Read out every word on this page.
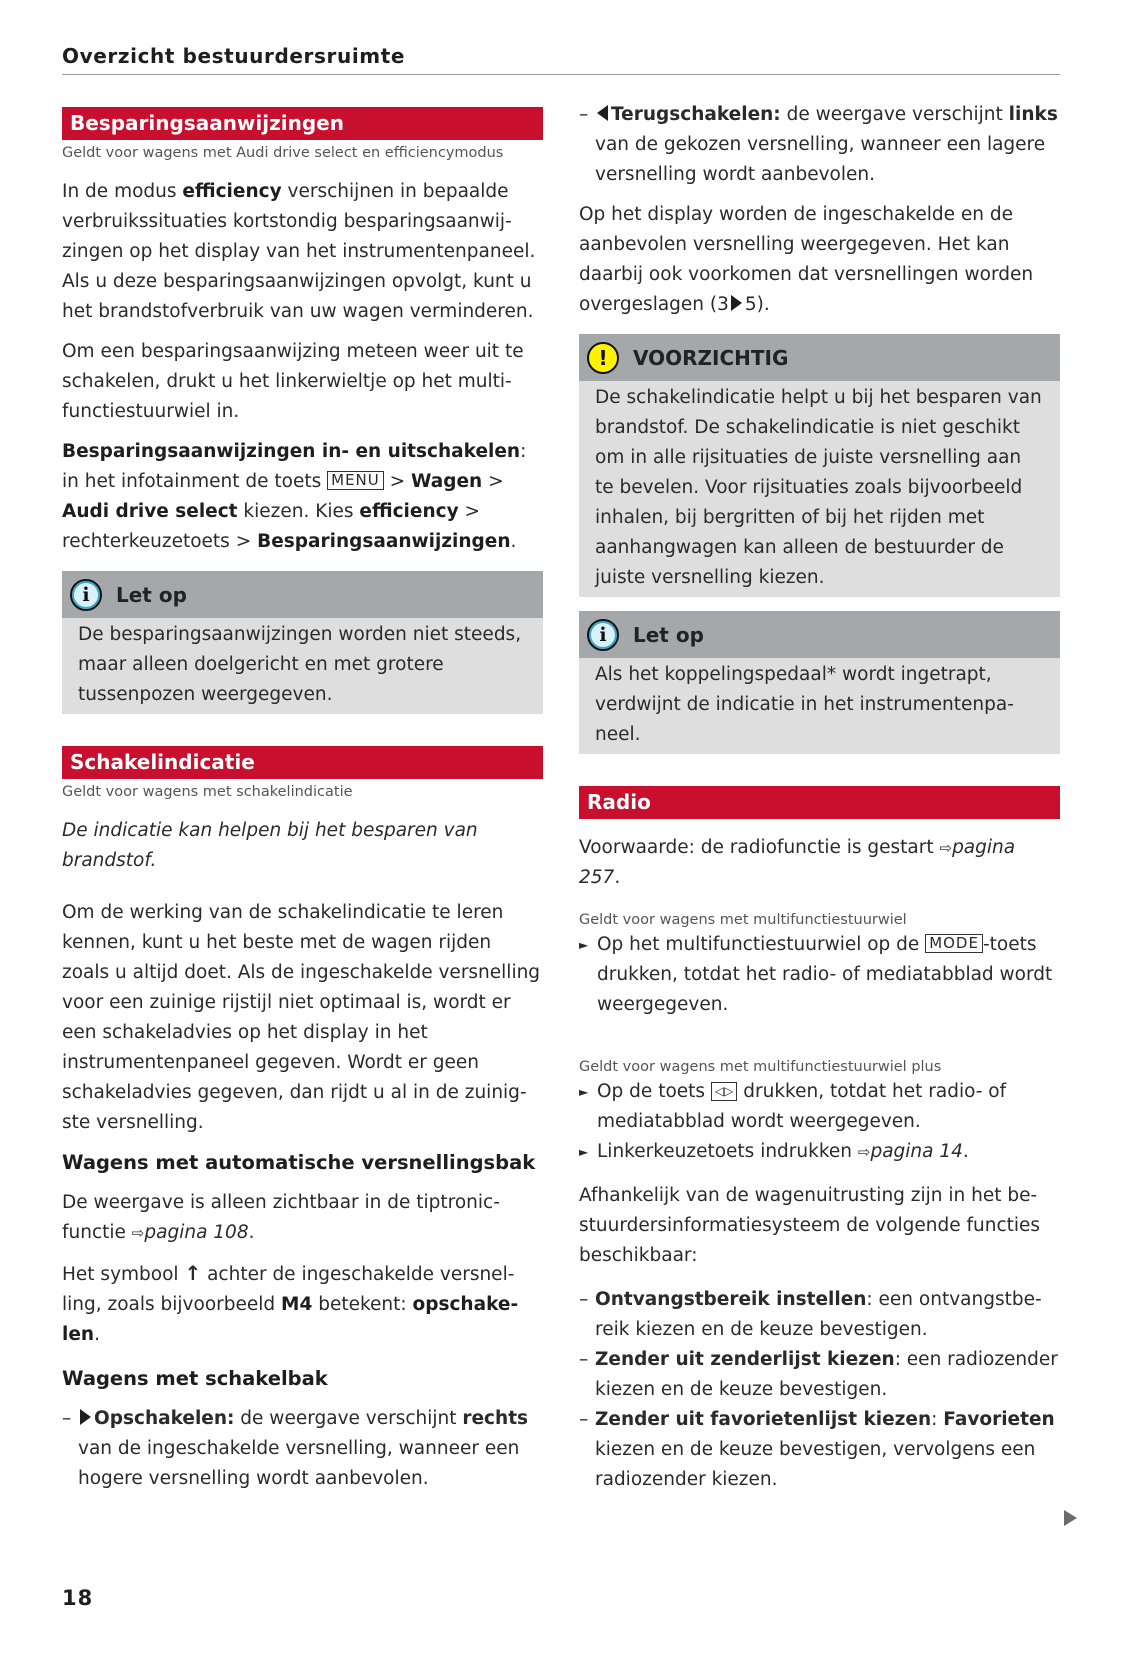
Overzicht bestuurdersruimte
Besparingsaanwijzingen
Geldt voor wagens met Audi drive select en efficiencymodus

In de modus efficiency verschijnen in bepaalde verbruikssituaties kortstondig besparingsaanwijzingen op het display van het instrumentenpaneel. Als u deze besparingsaanwijzingen opvolgt, kunt u het brandstofverbruik van uw wagen verminderen.

Om een besparingsaanwijzing meteen weer uit te schakelen, drukt u het linkerwieltje op het multifunctiestuurwiel in.

Besparingsaanwijzingen in- en uitschakelen: in het infotainment de toets MENU > Wagen > Audi drive select kiezen. Kies efficiency > rechterkeuzetoets > Besparingsaanwijzingen.

i	Let op
De besparingsaanwijzingen worden niet steeds, maar alleen doelgericht en met grotere tussenpozen weergegeven.
Schakelindicatie
Geldt voor wagens met schakelindicatie

De indicatie kan helpen bij het besparen van brandstof.

Om de werking van de schakelindicatie te leren kennen, kunt u het beste met de wagen rijden zoals u altijd doet. Als de ingeschakelde versnelling voor een zuinige rijstijl niet optimaal is, wordt er een schakeladvies op het display in het instrumentenpaneel gegeven. Wordt er geen schakeladvies gegeven, dan rijdt u al in de zuinigste versnelling.

Wagens met automatische versnellingsbak

De weergave is alleen zichtbaar in de tiptronicfunctie ⇨pagina 108.

Het symbool ↑ achter de ingeschakelde versnelling, zoals bijvoorbeeld M4 betekent: opschakelen.

Wagens met schakelbak
– Opschakelen: de weergave verschijnt rechts van de ingeschakelde versnelling, wanneer een hogere versnelling wordt aanbevolen.
– Terugschakelen: de weergave verschijnt links van de gekozen versnelling, wanneer een lagere versnelling wordt aanbevolen.

Op het display worden de ingeschakelde en de aanbevolen versnelling weergegeven. Het kan daarbij ook voorkomen dat versnellingen worden overgeslagen (3 5).

!	VOORZICHTIG
De schakelindicatie helpt u bij het besparen van brandstof. De schakelindicatie is niet geschikt om in alle rijsituaties de juiste versnelling aan te bevelen. Voor rijsituaties zoals bijvoorbeeld inhalen, bij bergritten of bij het rijden met aanhangwagen kan alleen de bestuurder de juiste versnelling kiezen.
i	Let op
Als het koppelingspedaal* wordt ingetrapt, verdwijnt de indicatie in het instrumentenpaneel.
Radio

Voorwaarde: de radiofunctie is gestart ⇨pagina 257.

Geldt voor wagens met multifunctiestuurwiel
► Op het multifunctiestuurwiel op de MODE -toets drukken, totdat het radio- of mediatabblad wordt weergegeven.
Geldt voor wagens met multifunctiestuurwiel plus
► Op de toets ◁▷ drukken, totdat het radio- of mediatabblad wordt weergegeven.
► Linkerkeuzetoets indrukken ⇨pagina 14.

Afhankelijk van de wagenuitrusting zijn in het bestuurdersinformatiesysteem de volgende functies beschikbaar:

– Ontvangstbereik instellen: een ontvangstbereik kiezen en de keuze bevestigen.
– Zender uit zenderlijst kiezen: een radiozender kiezen en de keuze bevestigen.
– Zender uit favorietenlijst kiezen: Favorieten kiezen en de keuze bevestigen, vervolgens een radiozender kiezen.
18
